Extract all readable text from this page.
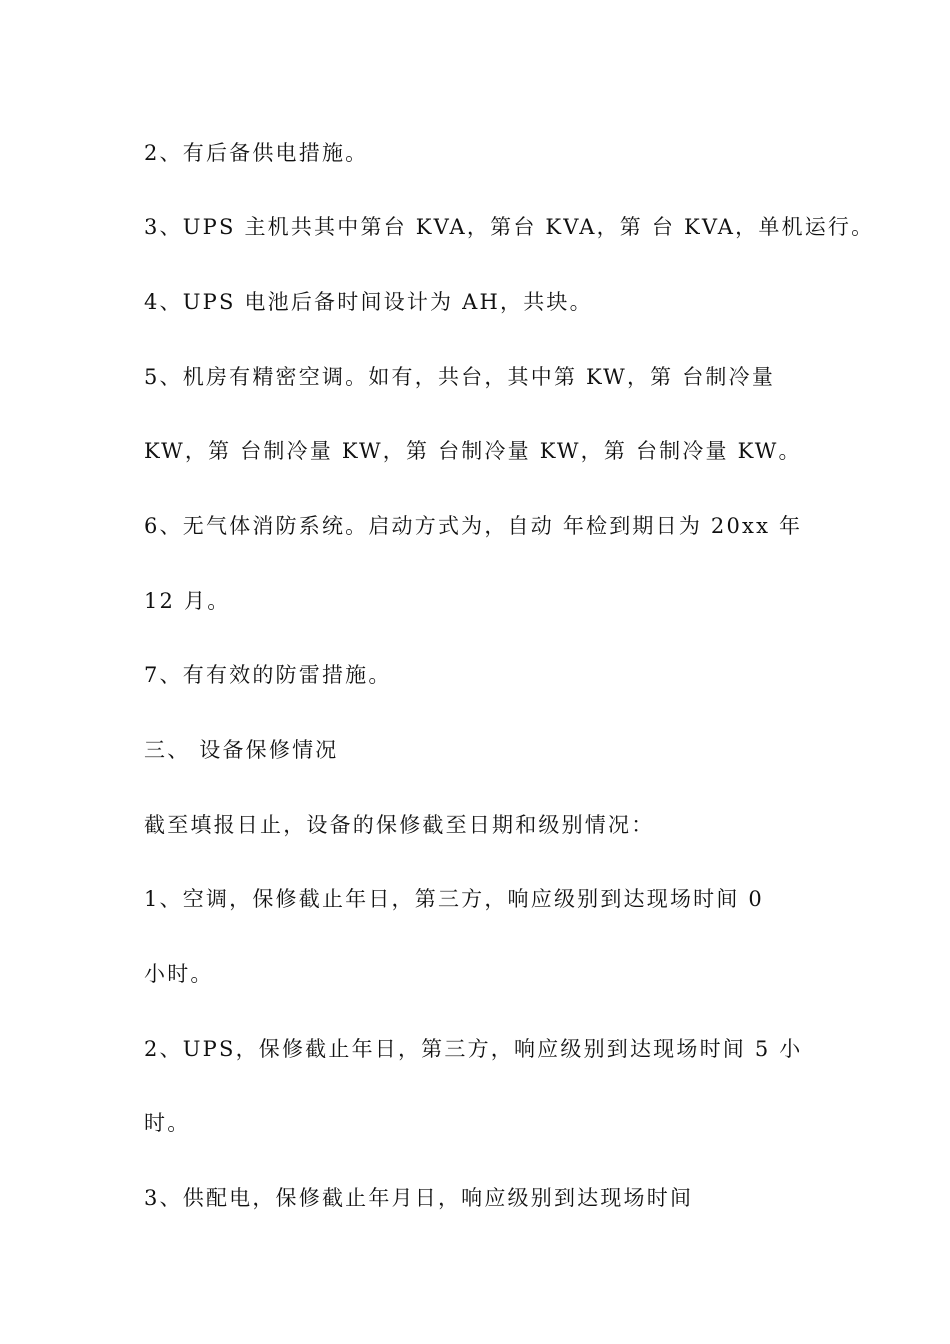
2、有后备供电措施。
3、UPS 主机共其中第台 KVA，第台 KVA，第 台 KVA，单机运行。
4、UPS 电池后备时间设计为 AH，共块。
5、机房有精密空调。如有，共台，其中第 KW，第 台制冷量
KW，第 台制冷量 KW，第 台制冷量 KW，第 台制冷量 KW。
6、无气体消防系统。启动方式为，自动 年检到期日为 20xx 年
12 月。
7、有有效的防雷措施。
三、 设备保修情况
截至填报日止，设备的保修截至日期和级别情况：
1、空调，保修截止年日，第三方，响应级别到达现场时间 0
小时。
2、UPS，保修截止年日，第三方，响应级别到达现场时间 5 小
时。
3、供配电，保修截止年月日，响应级别到达现场时间
